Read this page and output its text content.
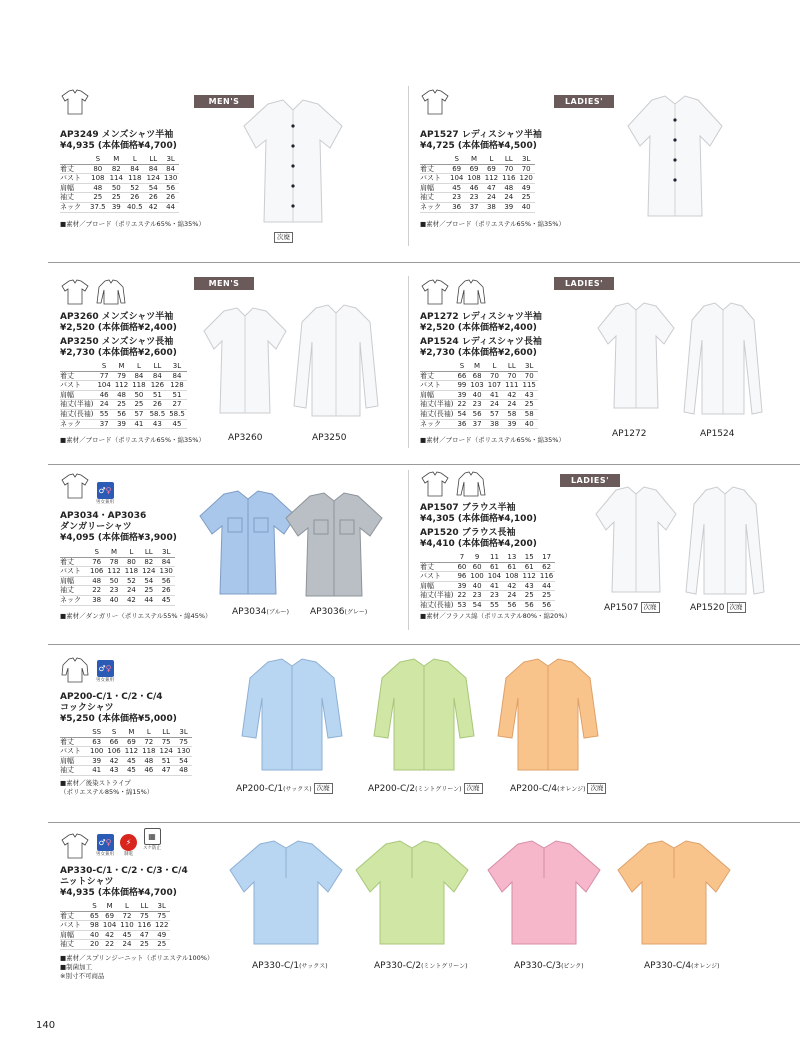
MEN'S
AP3249 メンズシャツ半袖
¥4,935 (本体価格¥4,700)
	S	M	L	LL	3L
着丈	80	82	84	84	84
バスト	108	114	118	124	130
肩幅	48	50	52	54	56
袖丈	25	25	26	26	26
ネック	37.5	39	40.5	42	44
■素材／ブロード（ポリエステル65%・綿35%）
次廃
LADIES'
AP1527 レディスシャツ半袖
¥4,725 (本体価格¥4,500)
	S	M	L	LL	3L
着丈	69	69	69	70	70
バスト	104	108	112	116	120
肩幅	45	46	47	48	49
袖丈	23	23	24	24	25
ネック	36	37	38	39	40
■素材／ブロード（ポリエステル65%・綿35%）
MEN'S
AP3260 メンズシャツ半袖
¥2,520 (本体価格¥2,400)
AP3250 メンズシャツ長袖
¥2,730 (本体価格¥2,600)
	S	M	L	LL	3L
着丈	77	79	84	84	84
バスト	104	112	118	126	128
肩幅	46	48	50	51	51
袖丈(半袖)	24	25	25	26	27
袖丈(長袖)	55	56	57	58.5	58.5
ネック	37	39	41	43	45
■素材／ブロード（ポリエステル65%・綿35%）	AP3260	AP3250
LADIES'
AP1272 レディスシャツ半袖
¥2,520 (本体価格¥2,400)
AP1524 レディスシャツ長袖
¥2,730 (本体価格¥2,600)
	S	M	L	LL	3L
着丈	66	68	70	70	70
バスト	99	103	107	111	115
肩幅	39	40	41	42	43
袖丈(半袖)	22	23	24	24	25
袖丈(長袖)	54	56	57	58	58
ネック	36	37	38	39	40
■素材／ブロード（ポリエステル65%・綿35%）
AP1272	AP1524
♂ ♀
男女兼用
AP3034・AP3036
ダンガリーシャツ
¥4,095 (本体価格¥3,900)
	S	M	L	LL	3L
着丈	76	78	80	82	84
バスト	106	112	118	124	130
肩幅	48	50	52	54	56
袖丈	22	23	24	25	26
ネック	38	40	42	44	45
■素材／ダンガリー（ポリエステル55%・綿45%） AP3034(ブルー) AP3036(グレー)
LADIES'
AP1507 ブラウス半袖
¥4,305 (本体価格¥4,100)
AP1520 ブラウス長袖
¥4,410 (本体価格¥4,200)
	7	9	11	13	15	17
着丈	60	60	61	61	61	62
バスト	96	100	104	108	112	116
肩幅	39	40	41	42	43	44
袖丈(半袖)	22	23	23	24	25	25
袖丈(長袖)	53	54	55	56	56	56
■素材／フラノス綿（ポリエステル80%・綿20%）
AP1507 次廃	AP1520 次廃
♂ ♀
男女兼用
AP200-C/1・C/2・C/4
コックシャツ
¥5,250 (本体価格¥5,000)
	SS	S	M	L	LL	3L
着丈	63	66	69	72	75	75
バスト	100	106	112	118	124	130
肩幅	39	42	45	48	51	54
袖丈	41	43	45	46	47	48
■素材／後染ストライプ
（ポリエステル85%・綿15%）	AP200-C/1(サックス) 次廃	AP200-C/2(ミントグリーン) 次廃	AP200-C/4(オレンジ) 次廃
♂ ♀
男女兼用
⚡
制電
▦
スケ防止
AP330-C/1・C/2・C/3・C/4
ニットシャツ
¥4,935 (本体価格¥4,700)
	S	M	L	LL	3L
着丈	65	69	72	75	75
バスト	98	104	110	116	122
肩幅	40	42	45	47	49
袖丈	20	22	24	25	25
■素材／スプリンジーニット（ポリエステル100%）
■制菌加工
※別寸不可商品
AP330-C/1(サックス)	AP330-C/2(ミントグリーン)	AP330-C/3(ピンク)	AP330-C/4(オレンジ)
140
